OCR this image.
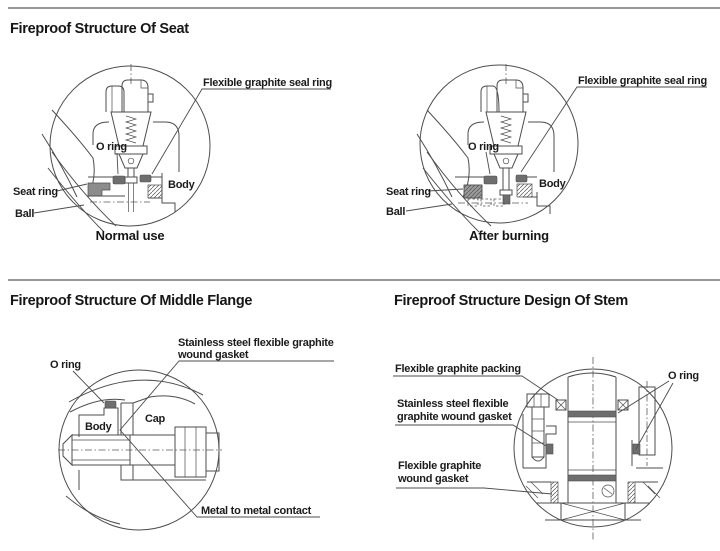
Fireproof Structure Of Seat
Fireproof Structure Of Middle Flange	Fireproof Structure Design Of Stem
O ring
Seat ring
Ball
Body
Flexible graphite seal ring
Normal use
O ring
Seat ring
Ball
Body
Flexible graphite seal ring
After burning
O ring
Stainless steel flexible graphite
wound gasket
Body
Cap
Metal to metal contact
Flexible graphite packing
Stainless steel flexible
graphite wound gasket
Flexible graphite
wound gasket
O ring
